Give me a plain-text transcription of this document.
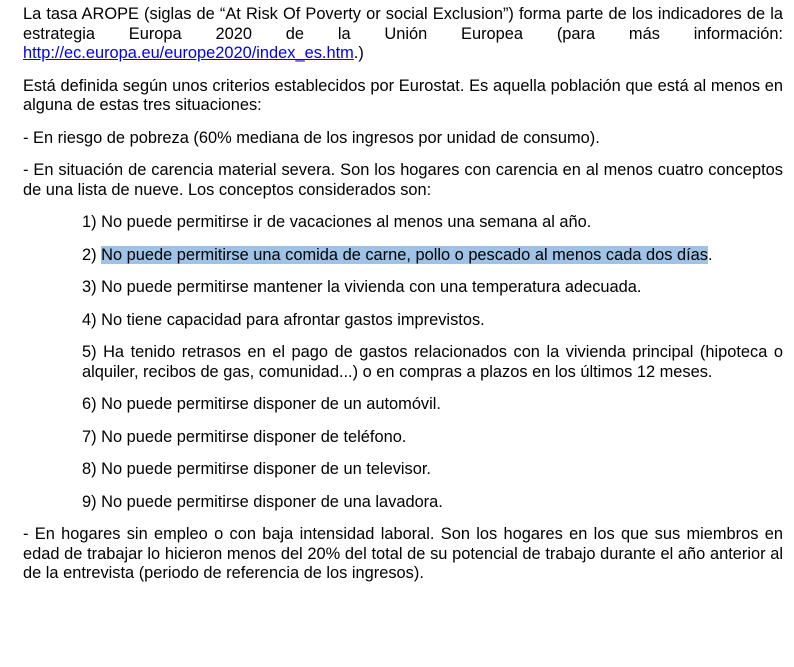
La tasa AROPE (siglas de “At Risk Of Poverty or social Exclusion”) forma parte de los indicadores de la estrategia Europa 2020 de la Unión Europea (para más información: http://ec.europa.eu/europe2020/index_es.htm.)

Está definida según unos criterios establecidos por Eurostat. Es aquella población que está al menos en alguna de estas tres situaciones:

- En riesgo de pobreza (60% mediana de los ingresos por unidad de consumo).

- En situación de carencia material severa. Son los hogares con carencia en al menos cuatro conceptos de una lista de nueve. Los conceptos considerados son:

1) No puede permitirse ir de vacaciones al menos una semana al año.

2) No puede permitirse una comida de carne, pollo o pescado al menos cada dos días.

3) No puede permitirse mantener la vivienda con una temperatura adecuada.

4) No tiene capacidad para afrontar gastos imprevistos.

5) Ha tenido retrasos en el pago de gastos relacionados con la vivienda principal (hipoteca o alquiler, recibos de gas, comunidad...) o en compras a plazos en los últimos 12 meses.

6) No puede permitirse disponer de un automóvil.

7) No puede permitirse disponer de teléfono.

8) No puede permitirse disponer de un televisor.

9) No puede permitirse disponer de una lavadora.

- En hogares sin empleo o con baja intensidad laboral. Son los hogares en los que sus miembros en edad de trabajar lo hicieron menos del 20% del total de su potencial de trabajo durante el año anterior al de la entrevista (periodo de referencia de los ingresos).
